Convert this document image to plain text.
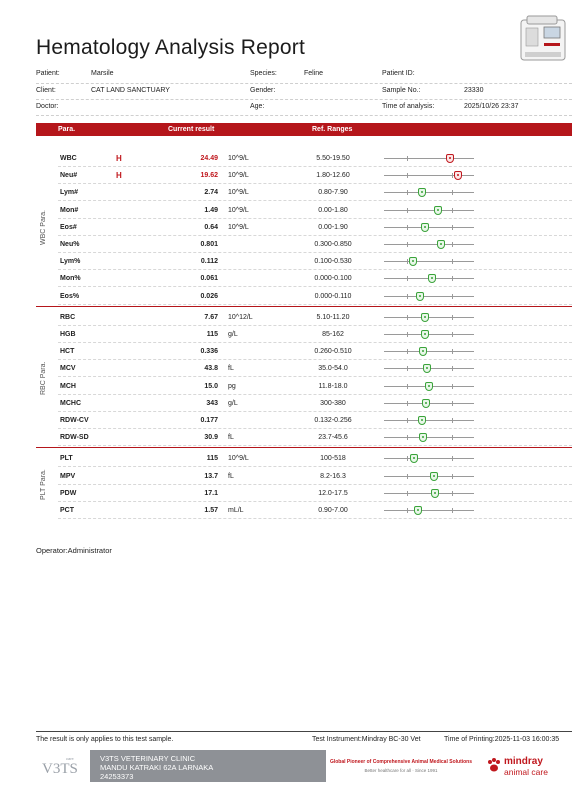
Hematology Analysis Report
Patient:	Marsile	Species:	Feline	Patient ID:
Client:	CAT LAND SANCTUARY	Gender:	Sample No.:	23330
Doctor:	Age:	Time of analysis:	2025/10/26 23:37
Para.	Current result	Ref. Ranges
WBC	H	24.49 10^9/L	5.50-19.50
Neu#	H	19.62 10^9/L	1.80-12.60
Lym#	2.74 10^9/L	0.80-7.90
Mon#	1.49 10^9/L	0.00-1.80
Eos#	0.64 10^9/L	0.00-1.90
Neu%	0.801	0.300-0.850
Lym%	0.112	0.100-0.530
Mon%	0.061	0.000-0.100
Eos%	0.026	0.000-0.110
RBC	7.67 10^12/L	5.10-11.20
HGB	115 g/L	85-162
HCT	0.336	0.260-0.510
MCV	43.8 fL	35.0-54.0
MCH	15.0 pg	11.8-18.0
MCHC	343 g/L	300-380
RDW-CV	0.177	0.132-0.256
RDW-SD	30.9 fL	23.7-45.6
PLT	115 10^9/L	100-518
MPV	13.7 fL	8.2-16.3
PDW	17.1	12.0-17.5
PCT	1.57 mL/L	0.90-7.00
WBC Para.
RBC Para.
PLT Para.
Operator:Administrator
The result is only applies to this test sample.	Test Instrument:Mindray BC-30 Vet	Time of Printing:2025-11-03 16:00:35
V3TS
care	V3TS VETERINARY CLINIC
MANDU KATRAKI 62A LARNAKA
24253373
Global Pioneer of Comprehensive Animal Medical Solutions
Better healthcare for all · Since 1991
mindray
animal care
